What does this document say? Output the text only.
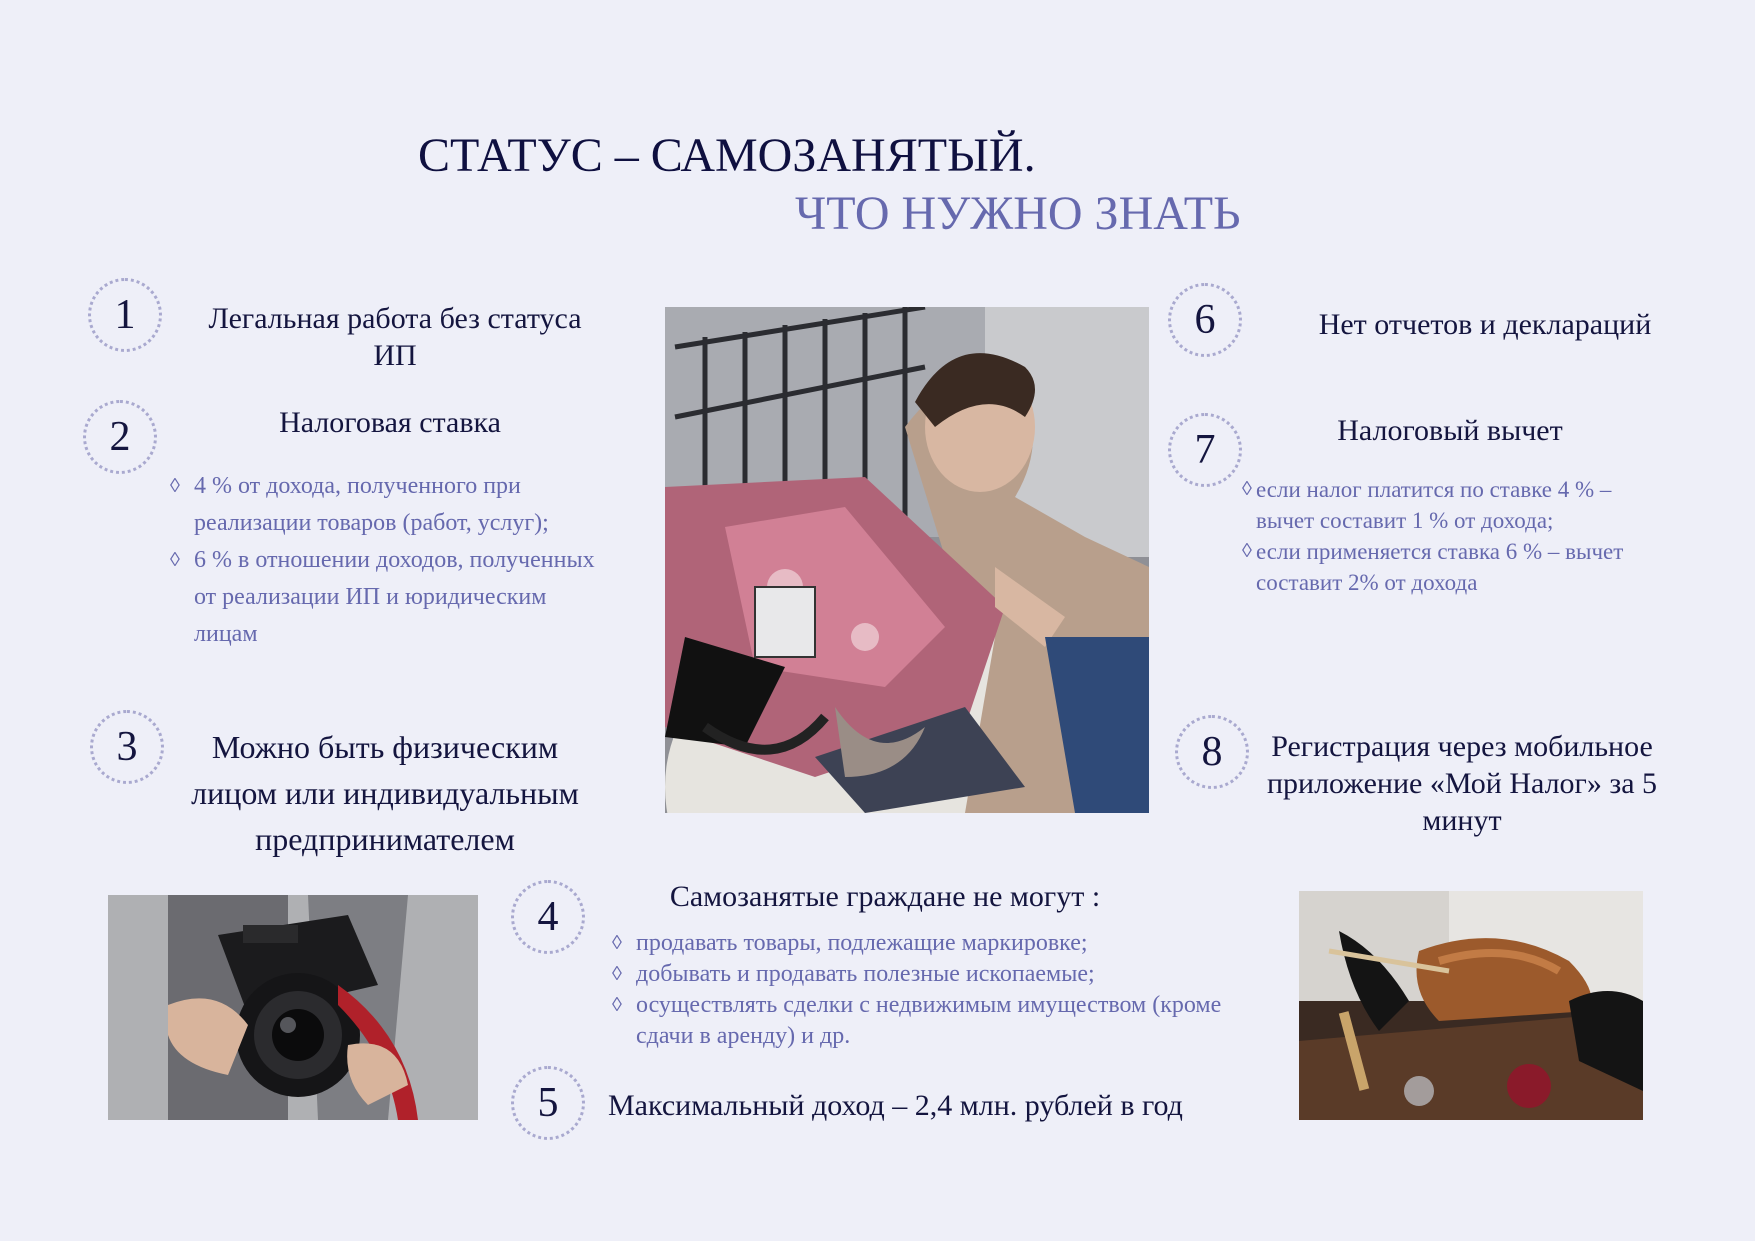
СТАТУС – САМОЗАНЯТЫЙ.
ЧТО НУЖНО ЗНАТЬ
1	Легальная работа без статуса ИП
2	Налоговая ставка
◊ 4 % от дохода, полученного при реализации товаров (работ, услуг);
◊ 6 % в отношении доходов, полученных от реализации ИП и юридическим лицам
3	Можно быть физическим лицом или индивидуальным предпринимателем
6	Нет отчетов и деклараций
7	Налоговый вычет
◊ если налог платится по ставке 4 % – вычет составит 1 % от дохода;
◊ если применяется ставка 6 % – вычет составит 2% от дохода
8	Регистрация через мобильное приложение «Мой Налог» за 5 минут
4	Самозанятые граждане не могут :
◊ продавать товары, подлежащие маркировке;
◊ добывать и продавать полезные ископаемые;
◊ осуществлять сделки с недвижимым имуществом (кроме сдачи в аренду) и др.
5	Максимальный доход – 2,4 млн. рублей в год
